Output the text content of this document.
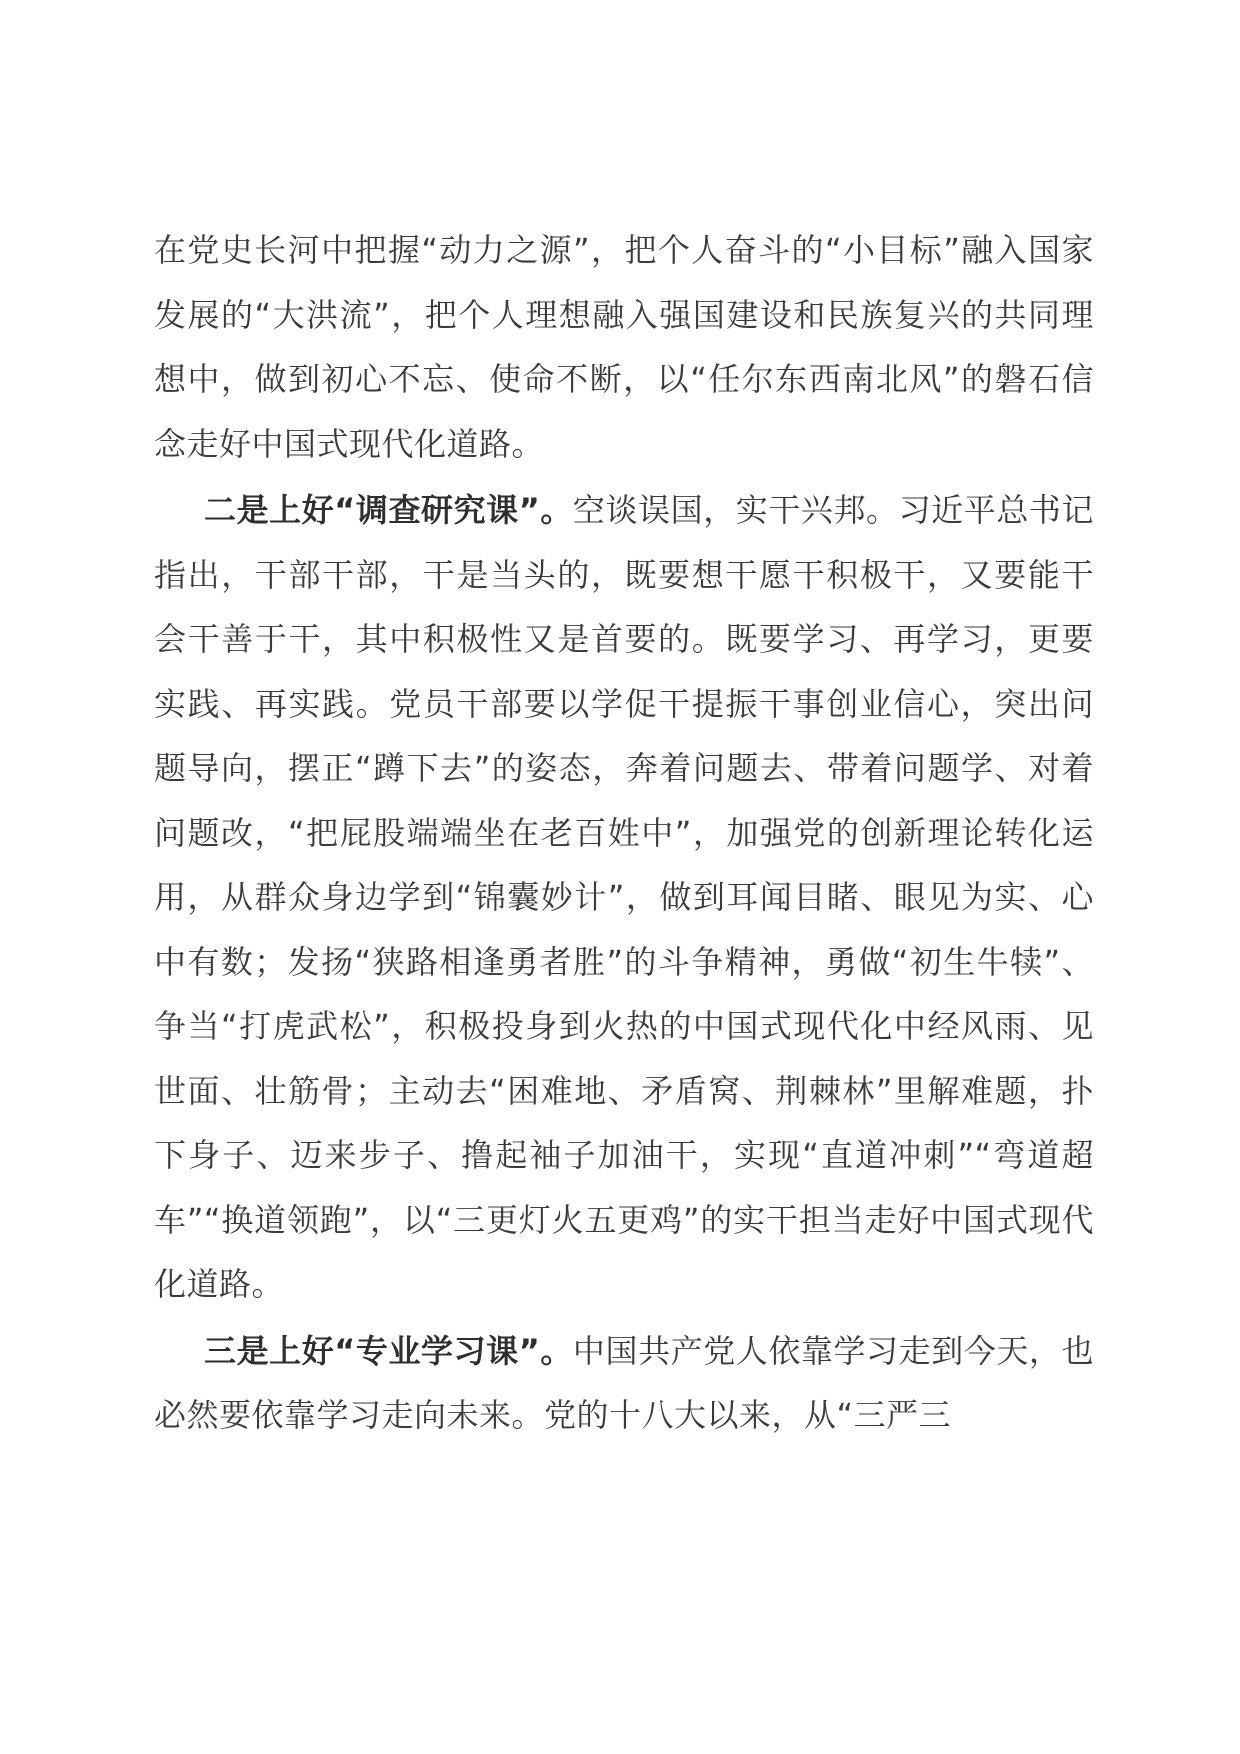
在党史长河中把握“动力之源”，把个人奋斗的“小目标”融入国家发展的“大洪流”，把个人理想融入强国建设和民族复兴的共同理想中，做到初心不忘、使命不断，以“任尔东西南北风”的磐石信念走好中国式现代化道路。

二是上好“调查研究课”。空谈误国，实干兴邦。习近平总书记指出，干部干部，干是当头的，既要想干愿干积极干，又要能干会干善于干，其中积极性又是首要的。既要学习、再学习，更要实践、再实践。党员干部要以学促干提振干事创业信心，突出问题导向，摆正“蹲下去”的姿态，奔着问题去、带着问题学、对着问题改，“把屁股端端坐在老百姓中”，加强党的创新理论转化运用，从群众身边学到“锦囊妙计”，做到耳闻目睹、眼见为实、心中有数；发扬“狭路相逢勇者胜”的斗争精神，勇做“初生牛犊”、争当“打虎武松”，积极投身到火热的中国式现代化中经风雨、见世面、壮筋骨；主动去“困难地、矛盾窝、荆棘林”里解难题，扑下身子、迈来步子、撸起袖子加油干，实现“直道冲刺”“弯道超车”“换道领跑”，以“三更灯火五更鸡”的实干担当走好中国式现代化道路。

三是上好“专业学习课”。中国共产党人依靠学习走到今天，也必然要依靠学习走向未来。党的十八大以来，从“三严三
